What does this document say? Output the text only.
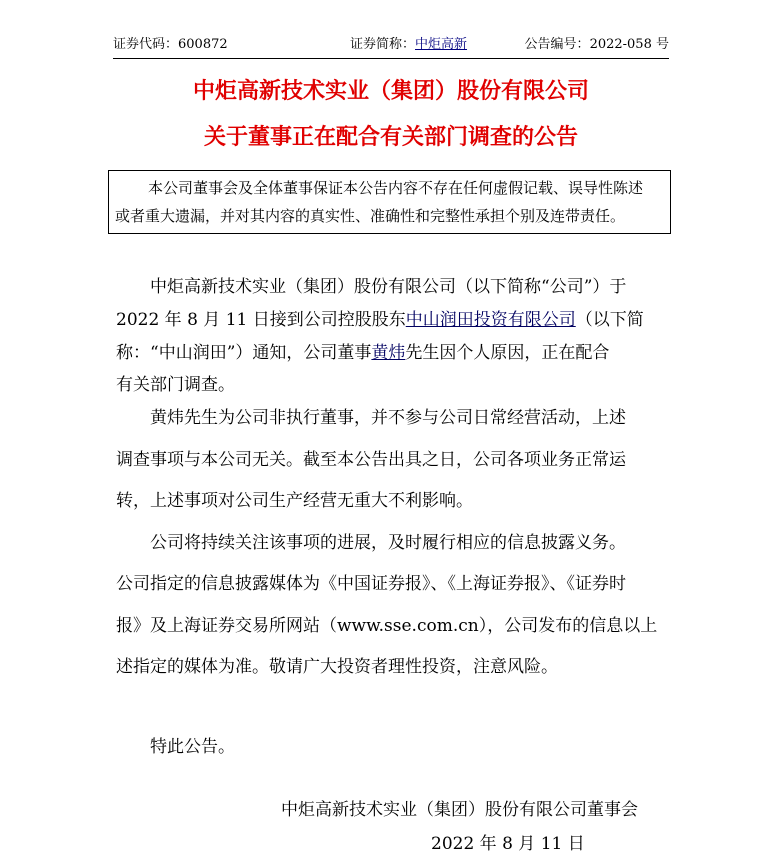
证券代码：600872	证券简称：中炬高新	公告编号：2022-058 号
中炬高新技术实业（集团）股份有限公司
关于董事正在配合有关部门调查的公告

本公司董事会及全体董事保证本公告内容不存在任何虚假记载、误导性陈述

或者重大遗漏，并对其内容的真实性、准确性和完整性承担个别及连带责任。

中炬高新技术实业（集团）股份有限公司（以下简称“公司”）于
2022 年 8 月 11 日接到公司控股股东中山润田投资有限公司（以下简
称：“中山润田”）通知，公司董事黄炜先生因个人原因，正在配合
有关部门调查。
黄炜先生为公司非执行董事，并不参与公司日常经营活动，上述
调查事项与本公司无关。截至本公告出具之日，公司各项业务正常运
转，上述事项对公司生产经营无重大不利影响。
公司将持续关注该事项的进展，及时履行相应的信息披露义务。
公司指定的信息披露媒体为《中国证券报》、《上海证券报》、《证券时
报》及上海证券交易所网站（www.sse.com.cn），公司发布的信息以上
述指定的媒体为准。敬请广大投资者理性投资，注意风险。
特此公告。
中炬高新技术实业（集团）股份有限公司董事会
2022 年 8 月 11 日
